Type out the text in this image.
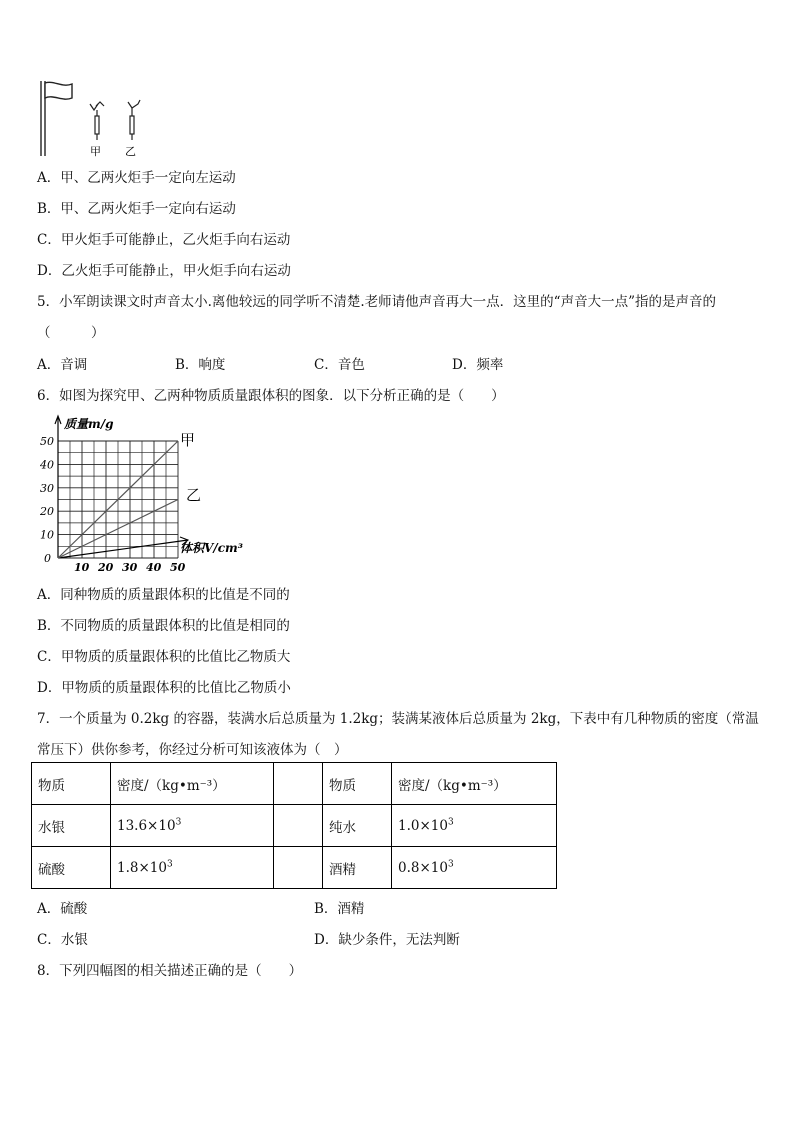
甲 乙
A．甲、乙两火炬手一定向左运动
B．甲、乙两火炬手一定向右运动
C．甲火炬手可能静止，乙火炬手向右运动
D．乙火炬手可能静止，甲火炬手向右运动
5．小军朗读课文时声音太小.离他较远的同学听不清楚.老师请他声音再大一点．这里的“声音大一点”指的是声音的
（　　　）
A．音调	B．响度	C．音色	D．频率
6．如图为探究甲、乙两种物质质量跟体积的图象．以下分析正确的是（　　）
甲
乙
0
10
20
30
40
50
10 20 30 40 50
质量m/g
体积V/cm³
A．同种物质的质量跟体积的比值是不同的
B．不同物质的质量跟体积的比值是相同的
C．甲物质的质量跟体积的比值比乙物质大
D．甲物质的质量跟体积的比值比乙物质小
7．一个质量为 0.2kg 的容器，装满水后总质量为 1.2kg；装满某液体后总质量为 2kg，下表中有几种物质的密度（常温
常压下）供你参考，你经过分析可知该液体为（　）
物质	密度/（kg•m⁻³）		物质	密度/（kg•m⁻³）
水银	$13.6\times 10^3$		纯水	$1.0\times 10^3$
硫酸	$1.8\times 10^3$		酒精	$0.8\times 10^3$
A．硫酸	B．酒精
C．水银	D．缺少条件，无法判断
8．下列四幅图的相关描述正确的是（　　）
